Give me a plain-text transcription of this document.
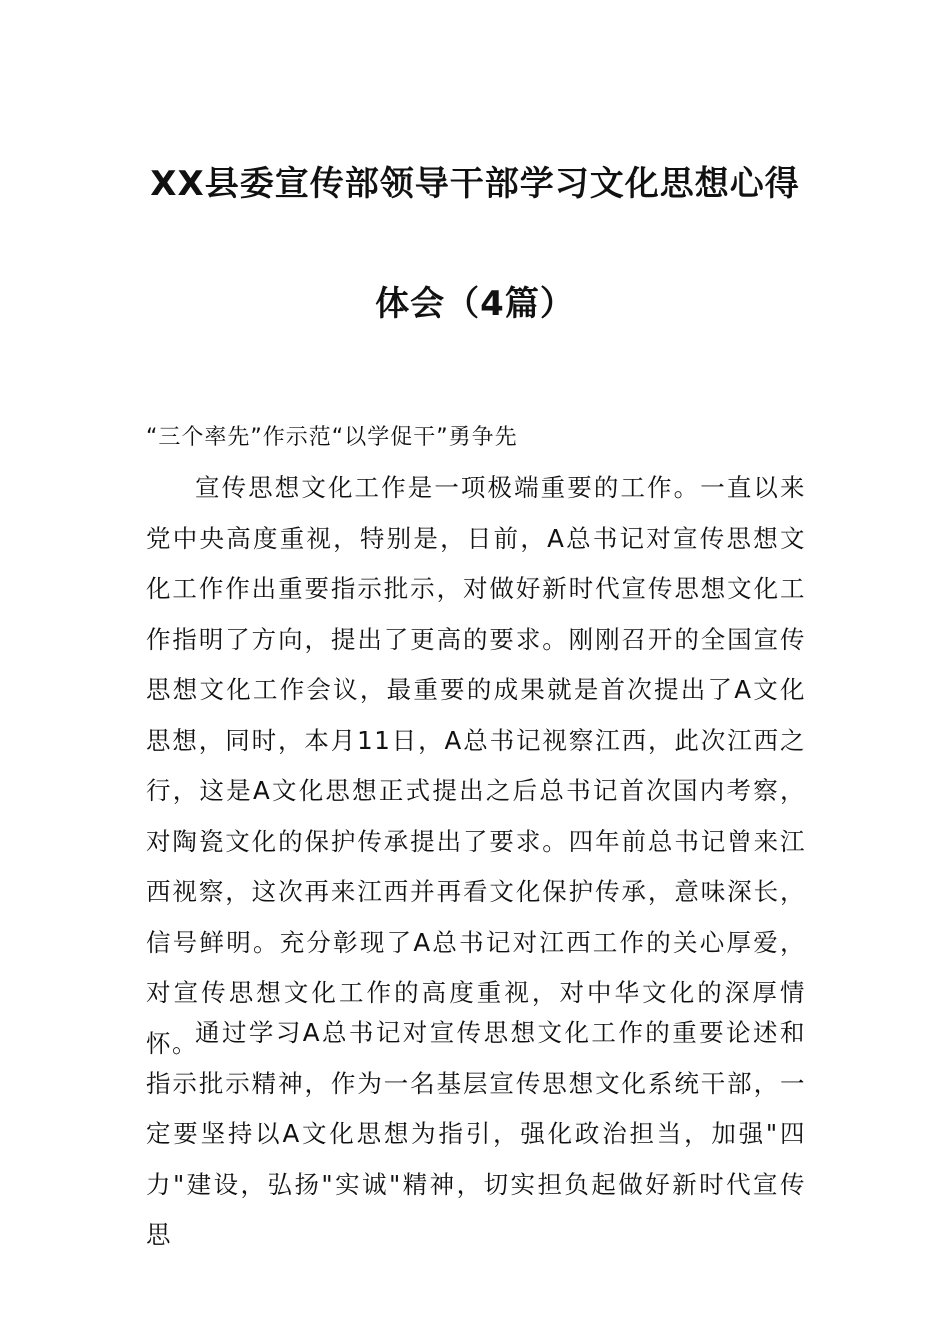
XX县委宣传部领导干部学习文化思想心得
体会（4篇）
“三个率先”作示范“以学促干”勇争先

宣传思想文化工作是一项极端重要的工作。一直以来党中央高度重视，特别是，日前，A总书记对宣传思想文化工作作出重要指示批示，对做好新时代宣传思想文化工作指明了方向，提出了更高的要求。刚刚召开的全国宣传思想文化工作会议，最重要的成果就是首次提出了A文化思想，同时，本月11日，A总书记视察江西，此次江西之行，这是A文化思想正式提出之后总书记首次国内考察，对陶瓷文化的保护传承提出了要求。四年前总书记曾来江西视察，这次再来江西并再看文化保护传承，意味深长，信号鲜明。充分彰现了A总书记对江西工作的关心厚爱，对宣传思想文化工作的高度重视，对中华文化的深厚情怀。

通过学习A总书记对宣传思想文化工作的重要论述和指示批示精神，作为一名基层宣传思想文化系统干部，一定要坚持以A文化思想为指引，强化政治担当，加强"四力"建设，弘扬"实诚"精神，切实担负起做好新时代宣传思
